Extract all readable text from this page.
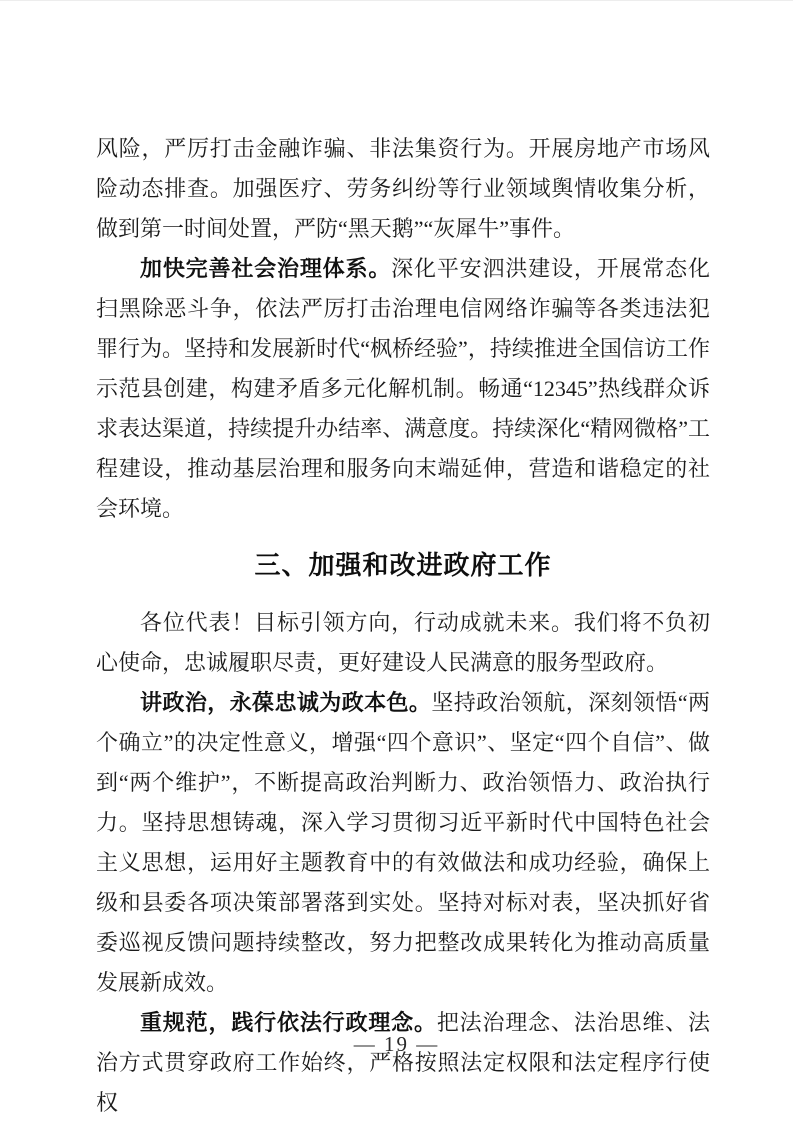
风险，严厉打击金融诈骗、非法集资行为。开展房地产市场风险动态排查。加强医疗、劳务纠纷等行业领域舆情收集分析，做到第一时间处置，严防“黑天鹅”“灰犀牛”事件。

加快完善社会治理体系。深化平安泗洪建设，开展常态化扫黑除恶斗争，依法严厉打击治理电信网络诈骗等各类违法犯罪行为。坚持和发展新时代“枫桥经验”，持续推进全国信访工作示范县创建，构建矛盾多元化解机制。畅通“12345”热线群众诉求表达渠道，持续提升办结率、满意度。持续深化“精网微格”工程建设，推动基层治理和服务向末端延伸，营造和谐稳定的社会环境。

三、加强和改进政府工作

各位代表！目标引领方向，行动成就未来。我们将不负初心使命，忠诚履职尽责，更好建设人民满意的服务型政府。

讲政治，永葆忠诚为政本色。坚持政治领航，深刻领悟“两个确立”的决定性意义，增强“四个意识”、坚定“四个自信”、做到“两个维护”，不断提高政治判断力、政治领悟力、政治执行力。坚持思想铸魂，深入学习贯彻习近平新时代中国特色社会主义思想，运用好主题教育中的有效做法和成功经验，确保上级和县委各项决策部署落到实处。坚持对标对表，坚决抓好省委巡视反馈问题持续整改，努力把整改成果转化为推动高质量发展新成效。

重规范，践行依法行政理念。把法治理念、法治思维、法治方式贯穿政府工作始终，严格按照法定权限和法定程序行使权

— 19 —
